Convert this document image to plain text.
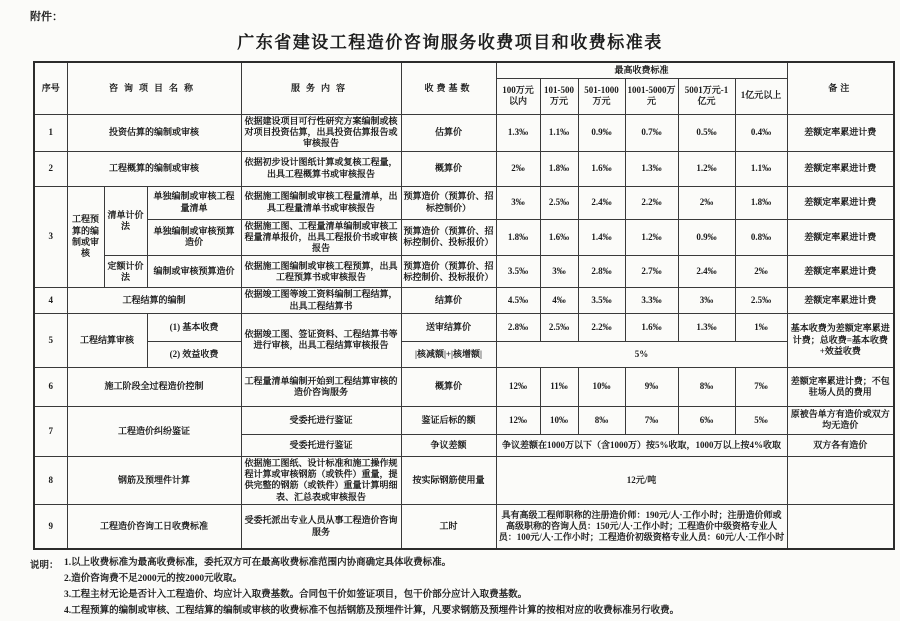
附件：
广东省建设工程造价咨询服务收费项目和收费标准表
序号	咨询项目名称			服务内容	收费基数	最高收费标准						备注
						100万元以内	101-500万元	501-1000万元	1001-5000万元	5001万元-1亿元	1亿元以上	
1	投资估算的编制或审核			依据建设项目可行性研究方案编制或核对项目投资估算，出具投资估算报告或审核报告	估算价	1.3‰	1.1‰	0.9‰	0.7‰	0.5‰	0.4‰	差额定率累进计费
2	工程概算的编制或审核			依据初步设计图纸计算或复核工程量，出具工程概算书或审核报告	概算价	2‰	1.8‰	1.6‰	1.3‰	1.2‰	1.1‰	差额定率累进计费
3	工程预算的编制或审核	清单计价法	单独编制或审核工程量清单	依据施工图编制或审核工程量清单，出具工程量清单书或审核报告	预算造价（预算价、招标控制价）	3‰	2.5‰	2.4‰	2.2‰	2‰	1.8‰	差额定率累进计费
			单独编制或审核预算造价	依据施工图、工程量清单编制或审核工程量清单报价，出具工程报价书或审核报告	预算造价（预算价、招标控制价、投标报价）	1.8‰	1.6‰	1.4‰	1.2‰	0.9‰	0.8‰	差额定率累进计费
		定额计价法	编制或审核预算造价	依据施工图编制或审核工程预算，出具工程预算书或审核报告	预算造价（预算价、招标控制价、投标报价）	3.5‰	3‰	2.8‰	2.7‰	2.4‰	2‰	差额定率累进计费
4	工程结算的编制			依据竣工图等竣工资料编制工程结算，出具工程结算书	结算价	4.5‰	4‰	3.5‰	3.3‰	3‰	2.5‰	差额定率累进计费
5	工程结算审核		(1) 基本收费	依据竣工图、签证资料、工程结算书等进行审核，出具工程结算审核报告	送审结算价	2.8‰	2.5‰	2.2‰	1.6‰	1.3‰	1‰	基本收费为差额定率累进计费；总收费=基本收费+效益收费
			(2) 效益收费		|核减额|+|核增额|	5%						
6	施工阶段全过程造价控制			工程量清单编制开始到工程结算审核的造价咨询服务	概算价	12‰	11‰	10‰	9‰	8‰	7‰	差额定率累进计费；不包驻场人员的费用
7	工程造价纠纷鉴证			受委托进行鉴证	鉴证后标的额	12‰	10‰	8‰	7‰	6‰	5‰	原被告单方有造价或双方均无造价
				受委托进行鉴证	争议差额	争议差额在1000万以下（含1000万）按5%收取，1000万以上按4%收取						双方各有造价
8	钢筋及预埋件计算			依据施工图纸、设计标准和施工操作规程计算或审核钢筋（或铁件）重量，提供完整的钢筋（或铁件）重量计算明细表、汇总表或审核报告	按实际钢筋使用量	12元/吨						
9	工程造价咨询工日收费标准			受委托派出专业人员从事工程造价咨询服务	工时	具有高级工程师职称的注册造价师：190元/人·工作小时；注册造价师或高级职称的咨询人员：150元/人·工作小时；工程造价中级资格专业人员：100元/人·工作小时；工程造价初级资格专业人员：60元/人·工作小时						
说明： 1.以上收费标准为最高收费标准，委托双方可在最高收费标准范围内协商确定具体收费标准。
2.造价咨询费不足2000元的按2000元收取。
3.工程主材无论是否计入工程造价、均应计入取费基数。合同包干价如签证项目，包干价部分应计入取费基数。
4.工程预算的编制或审核、工程结算的编制或审核的收费标准不包括钢筋及预埋件计算，凡要求钢筋及预埋件计算的按相对应的收费标准另行收费。
